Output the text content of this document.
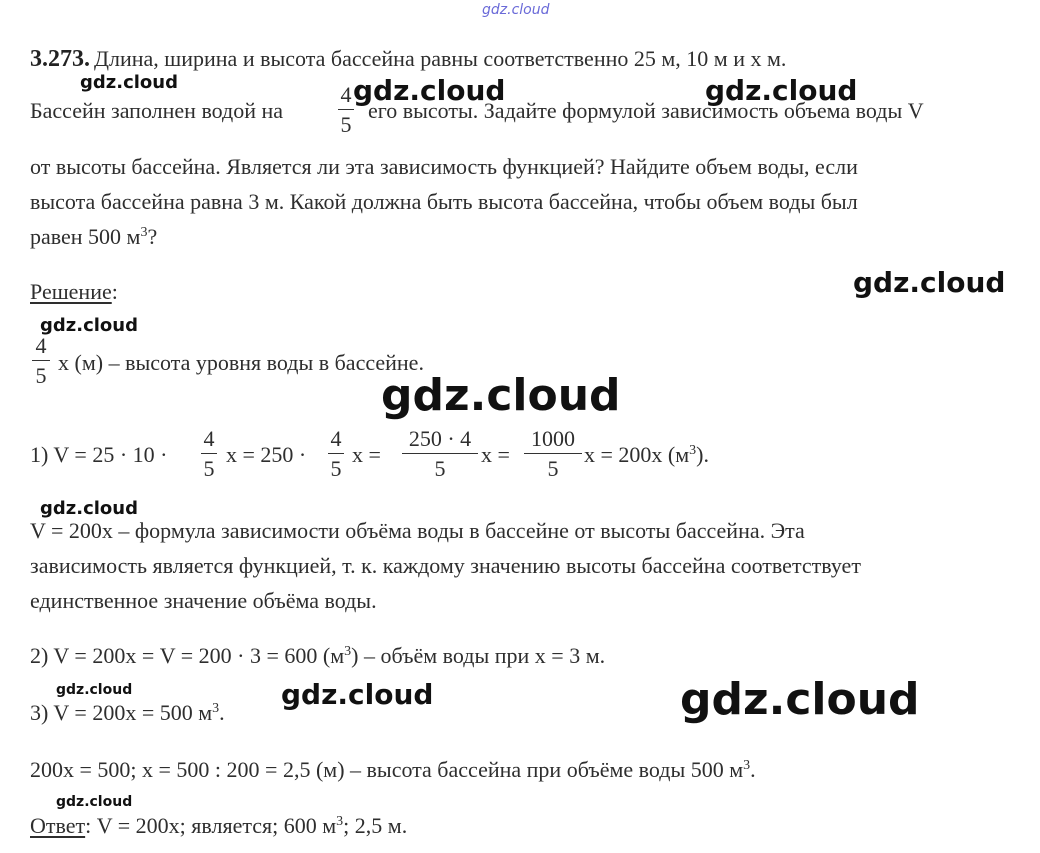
gdz.cloud
3.273. Длина, ширина и высота бассейна равны соответственно 25 м, 10 м и х м.
Бассейн заполнен водой на
4
5
его высоты. Задайте формулой зависимость объема воды V
от высоты бассейна. Является ли эта зависимость функцией? Найдите объем воды, если
высота бассейна равна 3 м. Какой должна быть высота бассейна, чтобы объем воды был
равен 500 $м^3$?
Решение:
4
5
х (м) – высота уровня воды в бассейне.
1) V = 25 · 10 ·
4
5
х = 250 ·
4
5
х =
250 · 4
5
х =
1000
5
х = 200х $(м^3)$.
V = 200х – формула зависимости объёма воды в бассейне от высоты бассейна. Эта
зависимость является функцией, т. к. каждому значению высоты бассейна соответствует
единственное значение объёма воды.
2) V = 200х = V = 200 · 3 = 600 $(м^3)$ – объём воды при х = 3 м.
3) V = 200х = 500 $м^3$.
200х = 500; х = 500 : 200 = 2,5 (м) – высота бассейна при объёме воды 500 $м^3$.
Ответ: V = 200х; является; 600 $м^3$; 2,5 м.
gdz.cloud	gdz.cloud	gdz.cloud
gdz.cloud
gdz.cloud
gdz.cloud
gdz.cloud
gdz.cloud	gdz.cloud	gdz.cloud
gdz.cloud
